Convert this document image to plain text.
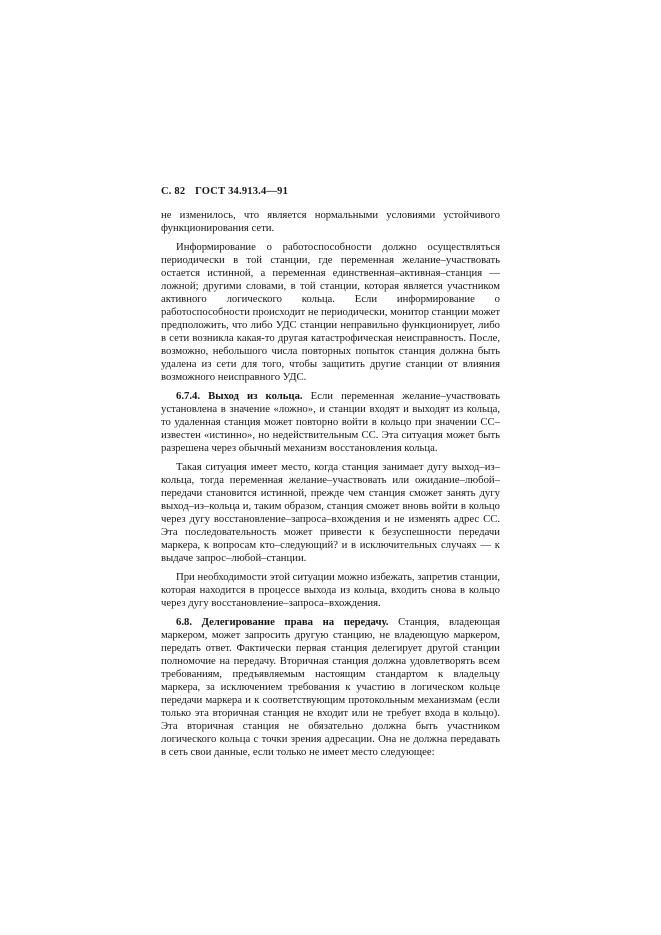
С. 82 ГОСТ 34.913.4—91

не изменилось, что является нормальными условиями устойчивого функционирования сети.

Информирование о работоспособности должно осуществляться периодически в той станции, где переменная желание–участвовать остается истинной, а переменная единственная–активная–станция — ложной; другими словами, в той станции, которая является участником активного логического кольца. Если информирование о работоспособности происходит не периодически, монитор станции может предположить, что либо УДС станции неправильно функционирует, либо в сети возникла какая-то другая катастрофическая неисправность. После, возможно, небольшого числа повторных попыток станция должна быть удалена из сети для того, чтобы защитить другие станции от влияния возможного неисправного УДС.

6.7.4. Выход из кольца. Если переменная желание–участвовать установлена в значение «ложно», и станции входят и выходят из кольца, то удаленная станция может повторно войти в кольцо при значении СС–известен «истинно», но недействительным СС. Эта ситуация может быть разрешена через обычный механизм восстановления кольца.

Такая ситуация имеет место, когда станция занимает дугу выход–из–кольца, тогда переменная желание–участвовать или ожидание–любой–передачи становится истинной, прежде чем станция сможет занять дугу выход–из–кольца и, таким образом, станция сможет вновь войти в кольцо через дугу восстановление–запроса–вхождения и не изменять адрес СС. Эта последовательность может привести к безуспешности передачи маркера, к вопросам кто–следующий? и в исключительных случаях — к выдаче запрос–любой–станции.

При необходимости этой ситуации можно избежать, запретив станции, которая находится в процессе выхода из кольца, входить снова в кольцо через дугу восстановление–запроса–вхождения.

6.8. Делегирование права на передачу. Станция, владеющая маркером, может запросить другую станцию, не владеющую маркером, передать ответ. Фактически первая станция делегирует другой станции полномочие на передачу. Вторичная станция должна удовлетворять всем требованиям, предъявляемым настоящим стандартом к владельцу маркера, за исключением требования к участию в логическом кольце передачи маркера и к соответствующим протокольным механизмам (если только эта вторичная станция не входит или не требует входа в кольцо). Эта вторичная станция не обязательно должна быть участником логического кольца с точки зрения адресации. Она не должна передавать в сеть свои данные, если только не имеет место следующее:
